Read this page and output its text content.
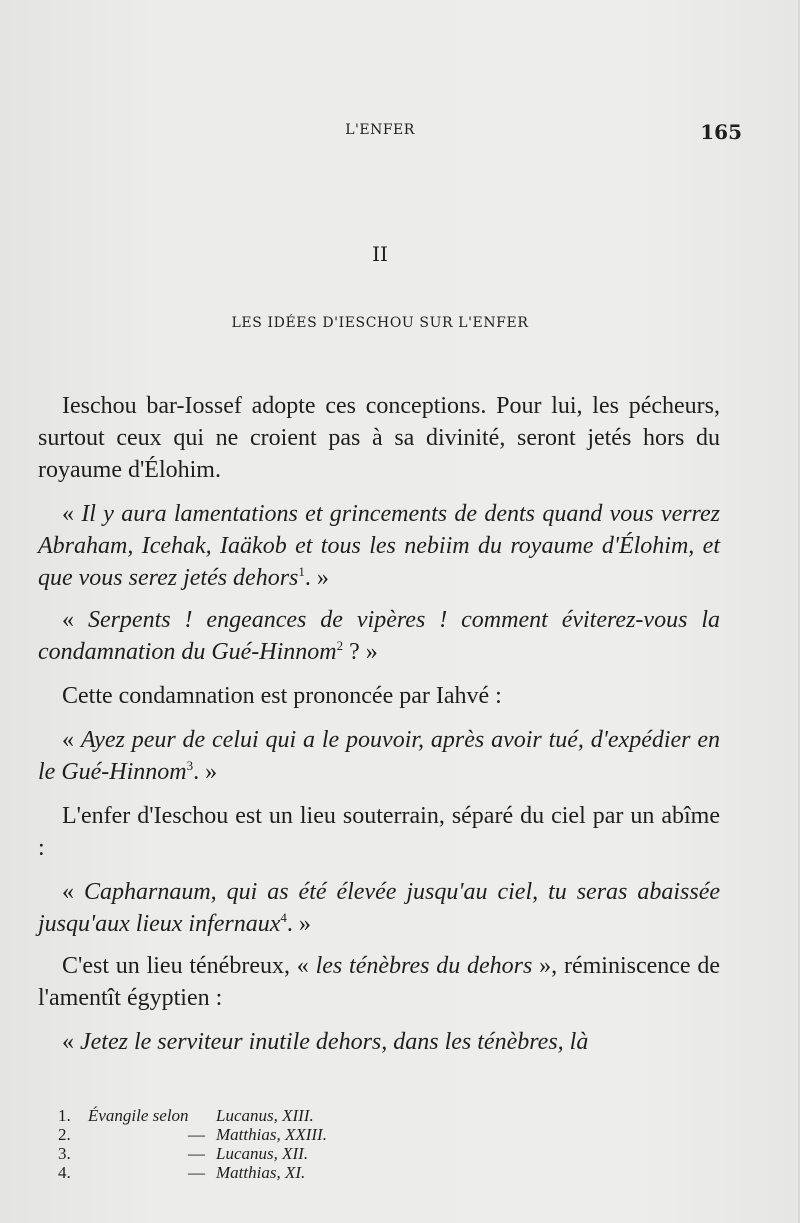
L'ENFER	165
II
LES IDÉES D'IESCHOU SUR L'ENFER

Ieschou bar-Iossef adopte ces conceptions. Pour lui, les pécheurs, surtout ceux qui ne croient pas à sa divinité, seront jetés hors du royaume d'Élohim.

« Il y aura lamentations et grincements de dents quand vous verrez Abraham, Icehak, Iaäkob et tous les nebiim du royaume d'Élohim, et que vous serez jetés dehors$^1$. »

« Serpents ! engeances de vipères ! comment éviterez-vous la condamnation du Gué-Hinnom$^2$ ? »

Cette condamnation est prononcée par Iahvé :

« Ayez peur de celui qui a le pouvoir, après avoir tué, d'expédier en le Gué-Hinnom$^3$. »

L'enfer d'Ieschou est un lieu souterrain, séparé du ciel par un abîme :

« Capharnaum, qui as été élevée jusqu'au ciel, tu seras abaissée jusqu'aux lieux infernaux$^4$. »

C'est un lieu ténébreux, « les ténèbres du dehors », réminiscence de l'amentît égyptien :

« Jetez le serviteur inutile dehors, dans les ténèbres, là

1.	Évangile selon	Lucanus, XIII.
2.	— Matthias, XXIII.
3.	— Lucanus, XII.
4.	— Matthias, XI.
